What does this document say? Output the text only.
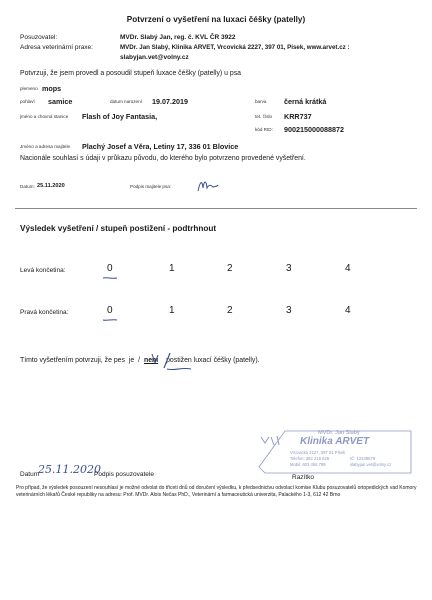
Potvrzení o vyšetření na luxaci čéšky (patelly)
Posuzovatel:	MVDr. Slabý Jan, reg. č. KVL ČR 3922
Adresa veterinární praxe:	MVDr. Jan Slabý, Klinika ARVET, Vrcovická 2227, 397 01, Písek, www.arvet.cz :
slabyjan.vet@volny.cz
Potvrzuji, že jsem provedl a posoudil stupeň luxace čéšky (patelly) u psa
plemeno mops
pohlaví samice	datum narození 19.07.2019	barva černá krátká
jméno a chovná stanice Flash of Joy Fantasia,	tet. číslo KRR737
kód RID: 900215000088872
Jméno a adresa majitele Plachý Josef a Věra, Letiny 17, 336 01 Blovice
Nacionále souhlasí s údaji v průkazu původu, do kterého bylo potvrzeno provedené vyšetření.
Datum: 25.11.2020	Podpis majitele psa:
Výsledek vyšetření / stupeň postižení - podtrhnout
Levá končetina:	0	1	2	3	4
Pravá končetina:	0	1	2	3	4
Tímto vyšetřením potvrzuji, že pes je / není postižen luxací čéšky (patelly).
MVDr. Jan Slabý
Klinika ARVET
Vrcovická 2227, 397 01 Písek
Telefon: 382 218 628
Mobil: 603 456 789
IČ: 12345678
slabyjan.vet@volny.cz
Datum
25.11.2020
Podpis posuzovatele	Razítko
Pro případ, že výsledek posouzení nesouhlasí je možné odvolat do třiceti dnů od doručení výsledku, k předsednictvu odvolací komise Klubu posuzovatelů ortopedických vad Komory
veterinárních lékařů České republiky na adresu: Prof. MVDr. Alois Nečas PhD., Veterinární a farmaceutická univerzita, Palackého 1-3, 612 42 Brno
